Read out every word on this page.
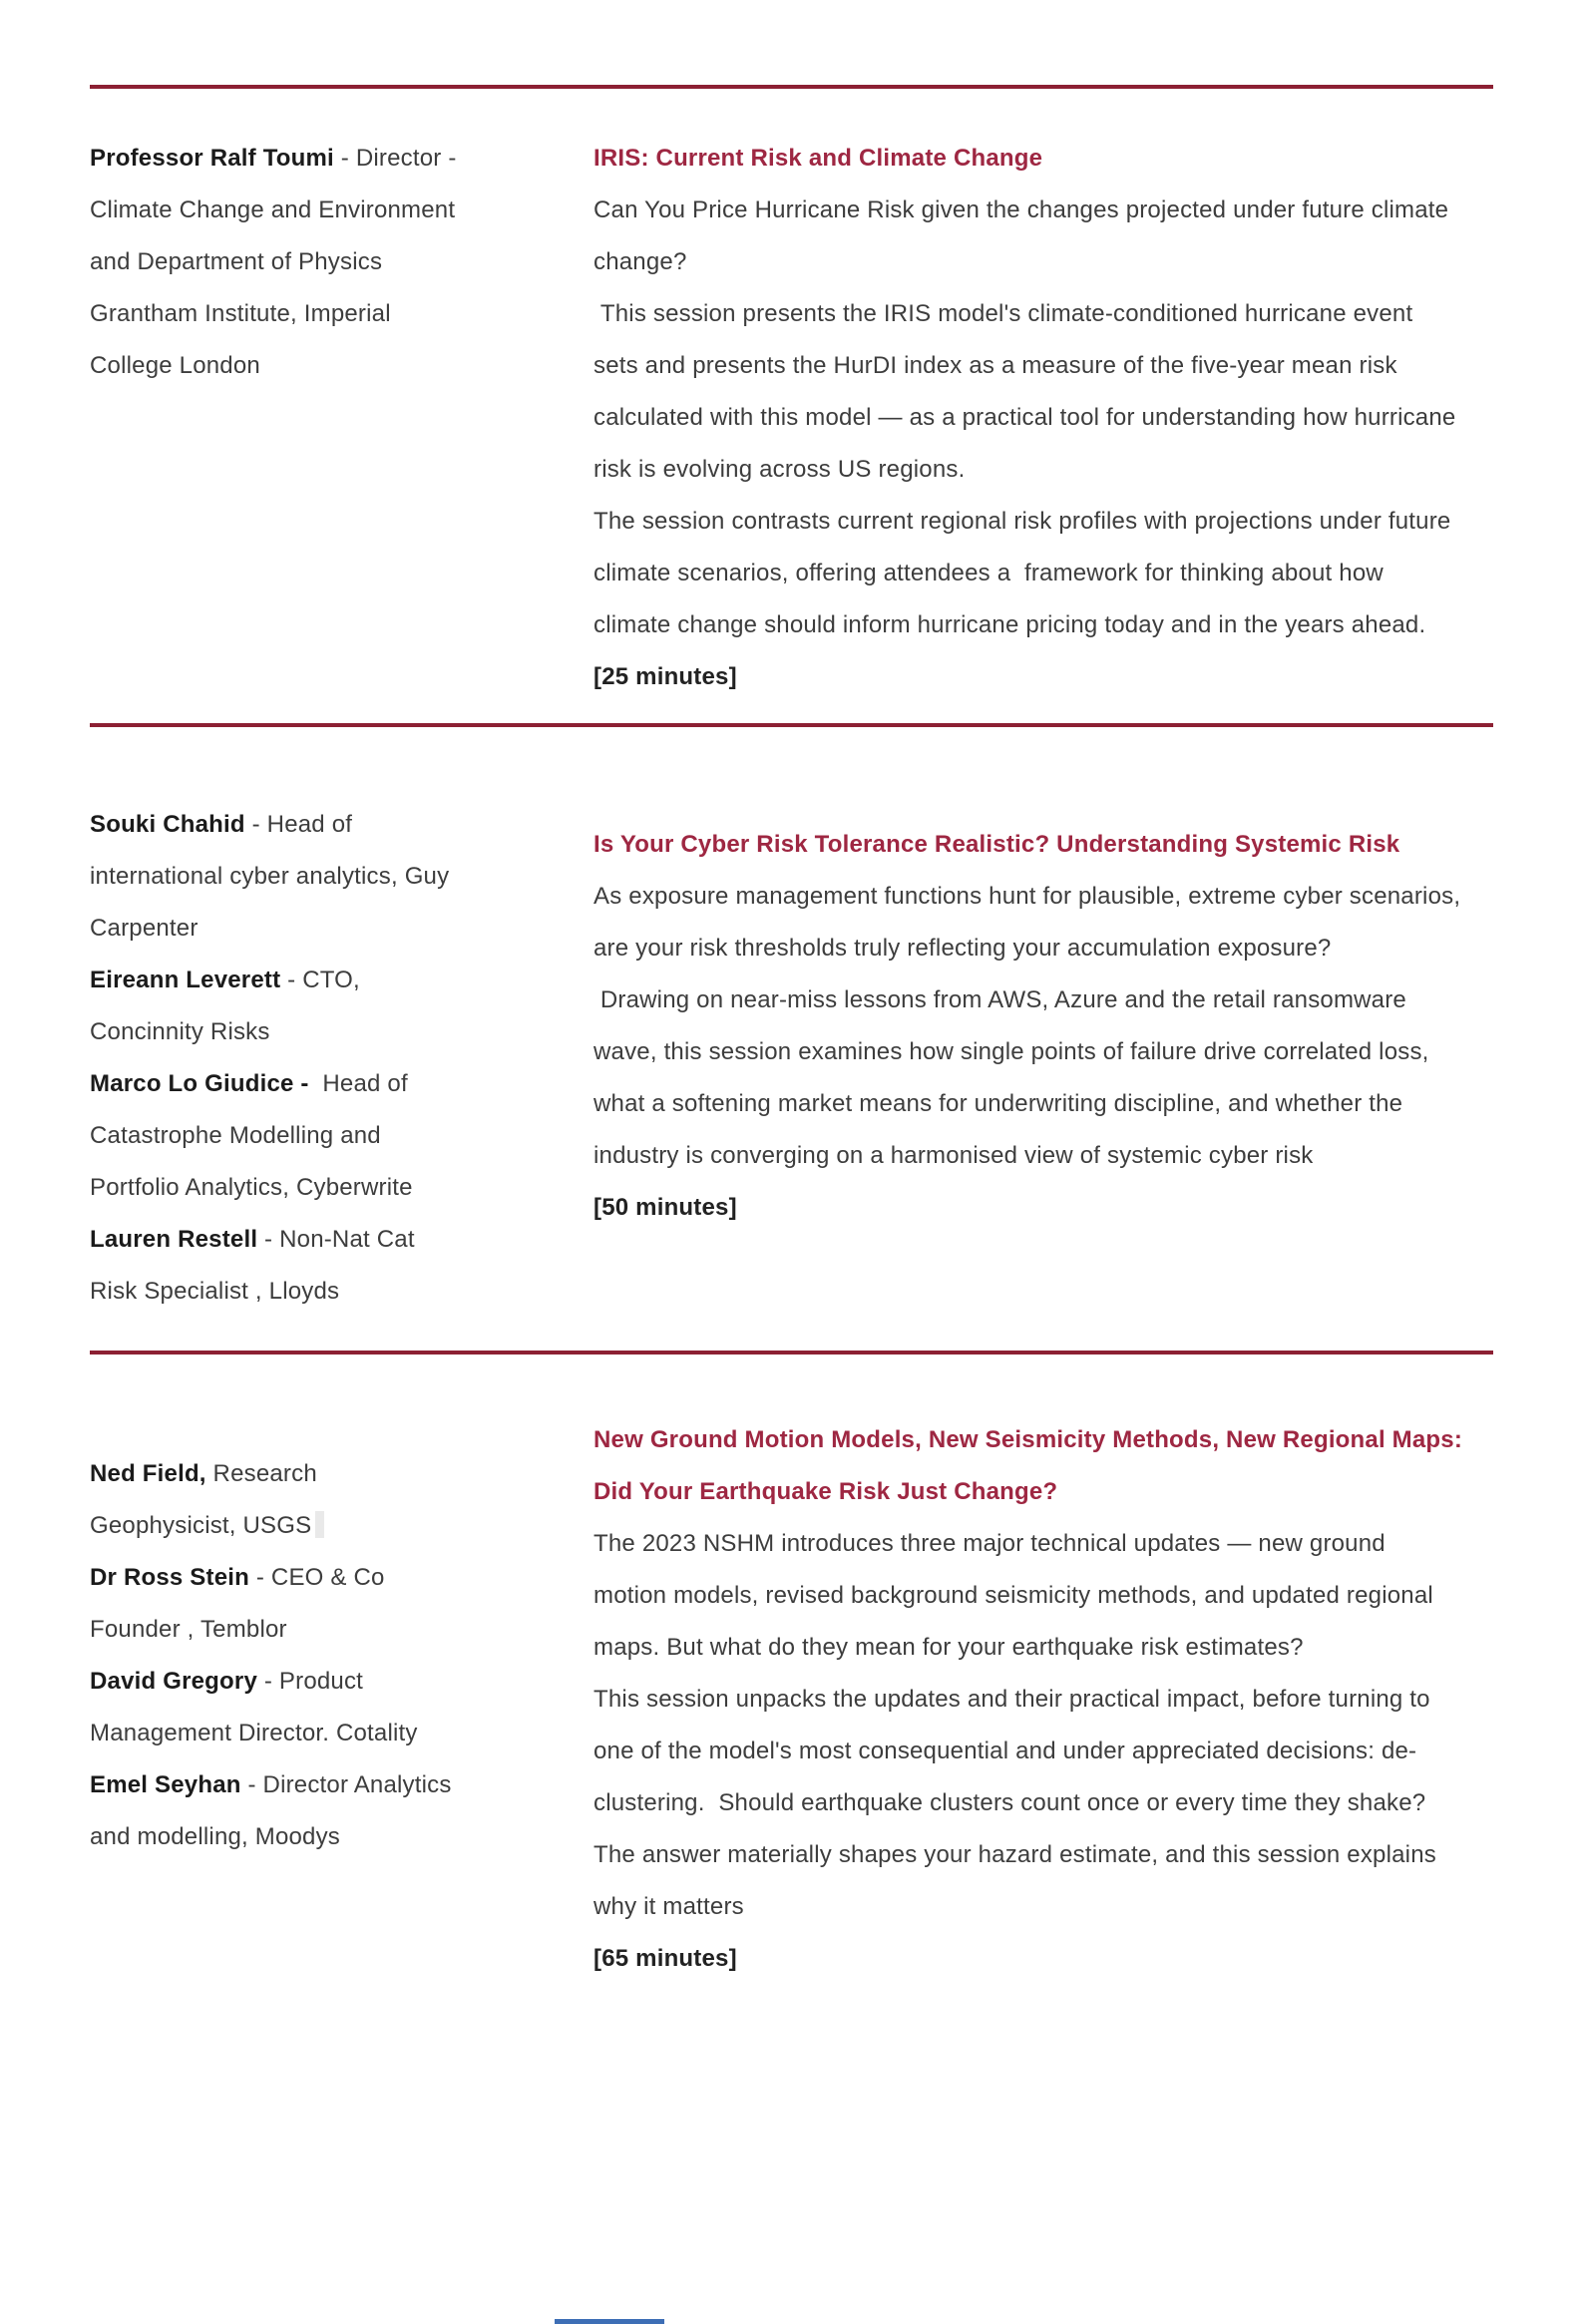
Professor Ralf Toumi - Director - Climate Change and Environment and Department of Physics Grantham Institute, Imperial College London

IRIS: Current Risk and Climate Change

Can You Price Hurricane Risk given the changes projected under future climate change?

This session presents the IRIS model's climate-conditioned hurricane event sets and presents the HurDI index as a measure of the five-year mean risk calculated with this model — as a practical tool for understanding how hurricane risk is evolving across US regions.

The session contrasts current regional risk profiles with projections under future climate scenarios, offering attendees a  framework for thinking about how climate change should inform hurricane pricing today and in the years ahead.

[25 minutes]

Souki Chahid - Head of international cyber analytics, Guy Carpenter
Eireann Leverett - CTO, Concinnity Risks
Marco Lo Giudice -  Head of Catastrophe Modelling and Portfolio Analytics, Cyberwrite
Lauren Restell - Non-Nat Cat Risk Specialist , Lloyds

Is Your Cyber Risk Tolerance Realistic? Understanding Systemic Risk

As exposure management functions hunt for plausible, extreme cyber scenarios, are your risk thresholds truly reflecting your accumulation exposure?

Drawing on near-miss lessons from AWS, Azure and the retail ransomware wave, this session examines how single points of failure drive correlated loss, what a softening market means for underwriting discipline, and whether the industry is converging on a harmonised view of systemic cyber risk

[50 minutes]

Ned Field, Research Geophysicist, USGS
Dr Ross Stein - CEO & Co Founder , Temblor
David Gregory - Product Management Director. Cotality
Emel Seyhan - Director Analytics and modelling, Moodys

New Ground Motion Models, New Seismicity Methods, New Regional Maps: Did Your Earthquake Risk Just Change?

The 2023 NSHM introduces three major technical updates — new ground motion models, revised background seismicity methods, and updated regional maps. But what do they mean for your earthquake risk estimates?

This session unpacks the updates and their practical impact, before turning to one of the model's most consequential and under appreciated decisions: de-clustering.  Should earthquake clusters count once or every time they shake? The answer materially shapes your hazard estimate, and this session explains why it matters

[65 minutes]
